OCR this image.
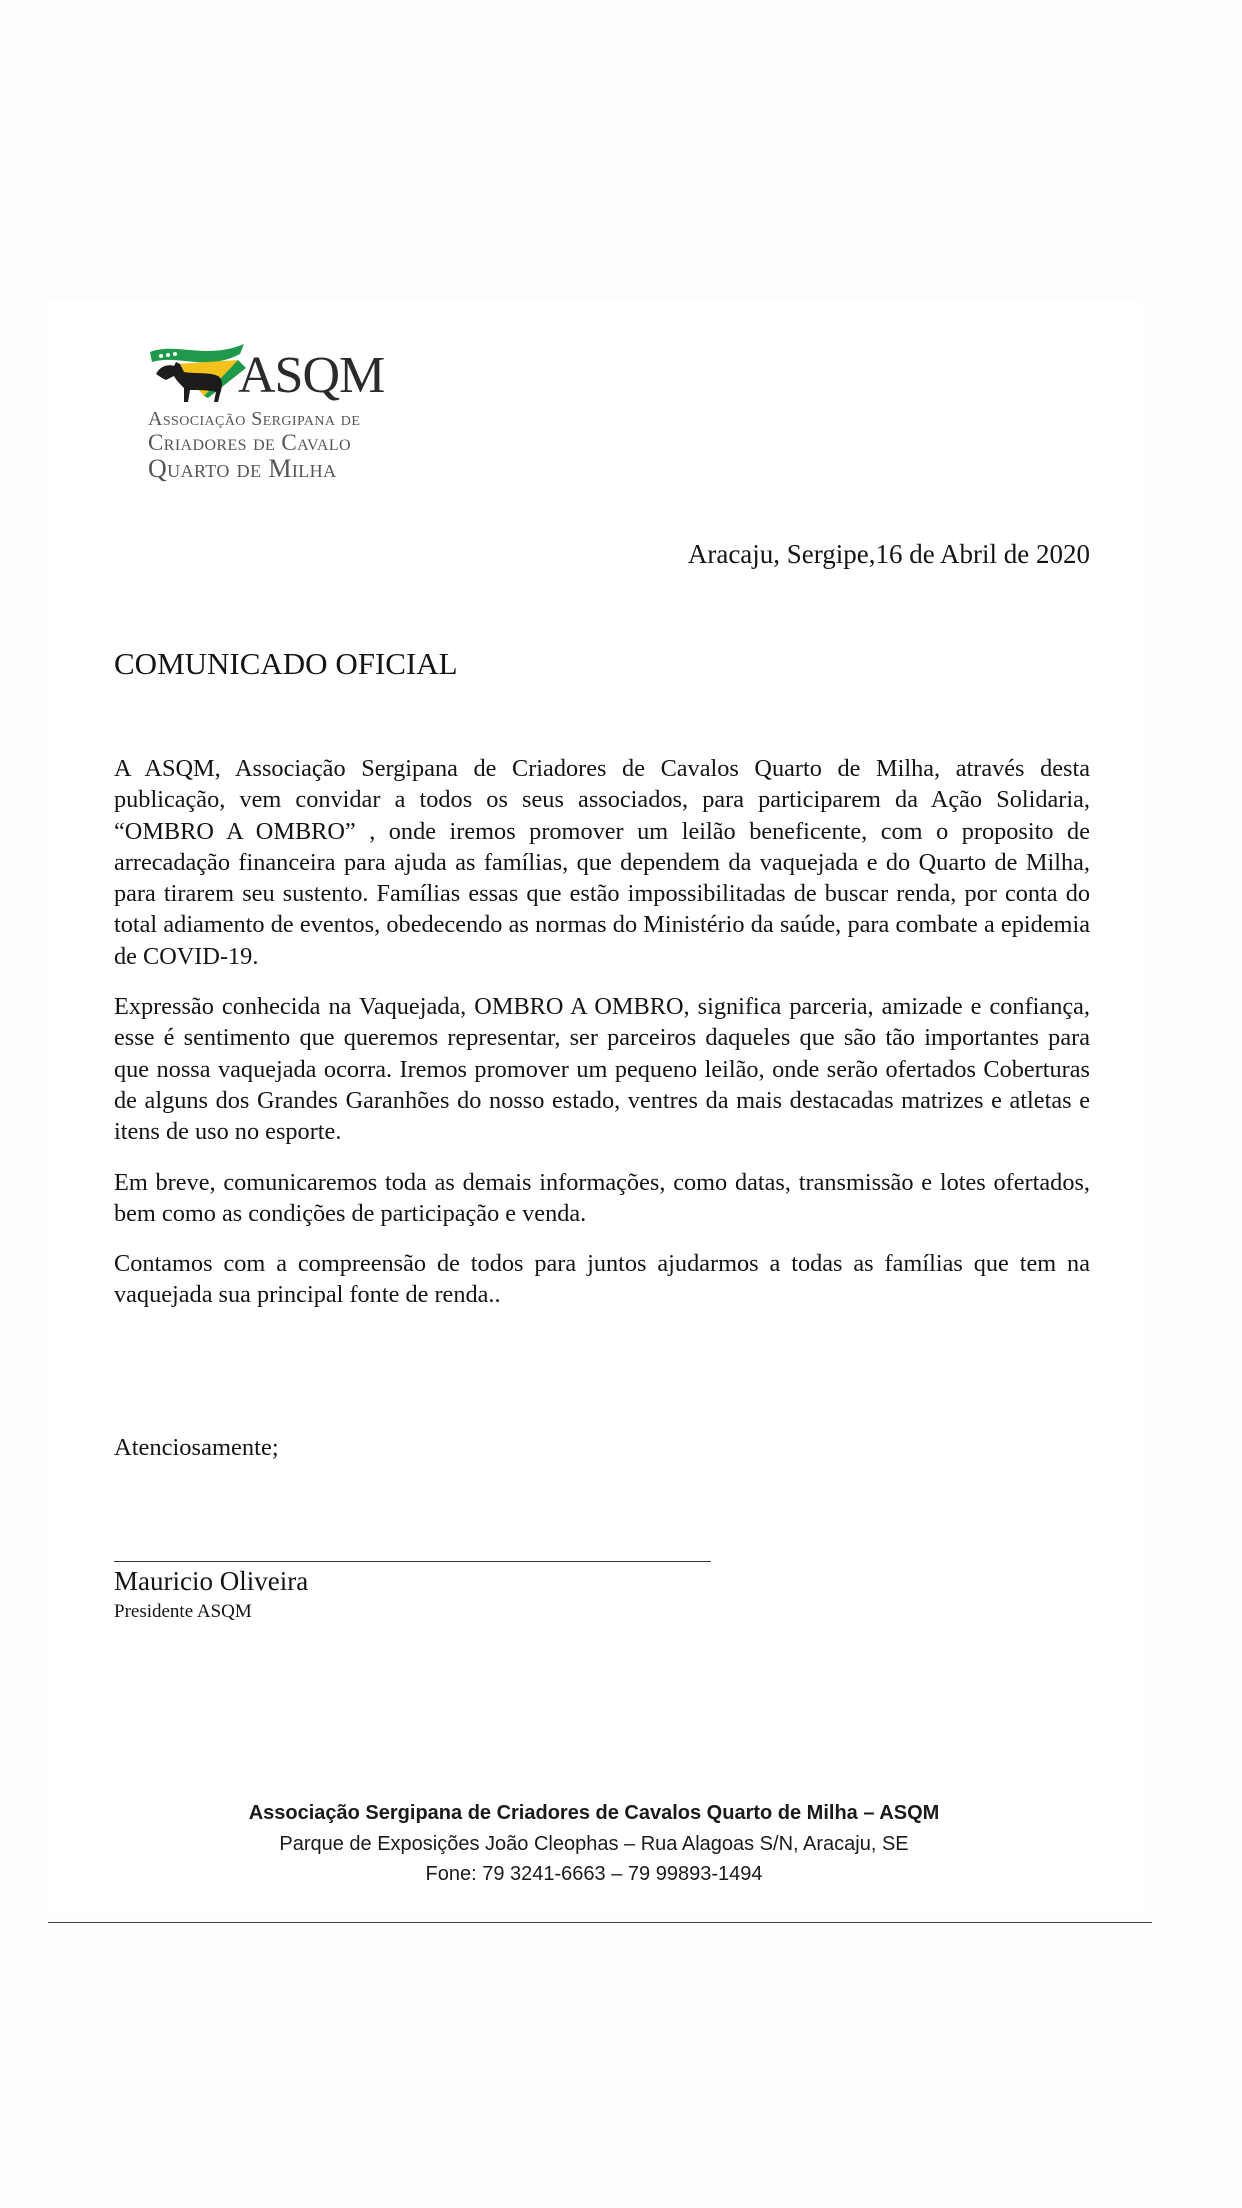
ASQM
Associação Sergipana de
Criadores de Cavalo
Quarto de Milha
Aracaju, Sergipe,16 de Abril de 2020
COMUNICADO OFICIAL

A ASQM, Associação Sergipana de Criadores de Cavalos Quarto de Milha, através desta publicação, vem convidar a todos os seus associados, para participarem da Ação Solidaria, “OMBRO A OMBRO” , onde iremos promover um leilão beneficente, com o proposito de arrecadação financeira para ajuda as famílias, que dependem da vaquejada e do Quarto de Milha, para tirarem seu sustento. Famílias essas que estão impossibilitadas de buscar renda, por conta do total adiamento de eventos, obedecendo as normas do Ministério da saúde, para combate a epidemia de COVID-19.

Expressão conhecida na Vaquejada, OMBRO A OMBRO, significa parceria, amizade e confiança, esse é sentimento que queremos representar, ser parceiros daqueles que são tão importantes para que nossa vaquejada ocorra. Iremos promover um pequeno leilão, onde serão ofertados Coberturas de alguns dos Grandes Garanhões do nosso estado, ventres da mais destacadas matrizes e atletas e itens de uso no esporte.

Em breve, comunicaremos toda as demais informações, como datas, transmissão e lotes ofertados, bem como as condições de participação e venda.

Contamos com a compreensão de todos para juntos ajudarmos a todas as famílias que tem na vaquejada sua principal fonte de renda..

Atenciosamente;
Mauricio Oliveira
Presidente ASQM
Associação Sergipana de Criadores de Cavalos Quarto de Milha – ASQM
Parque de Exposições João Cleophas – Rua Alagoas S/N, Aracaju, SE
Fone: 79 3241-6663 – 79 99893-1494
